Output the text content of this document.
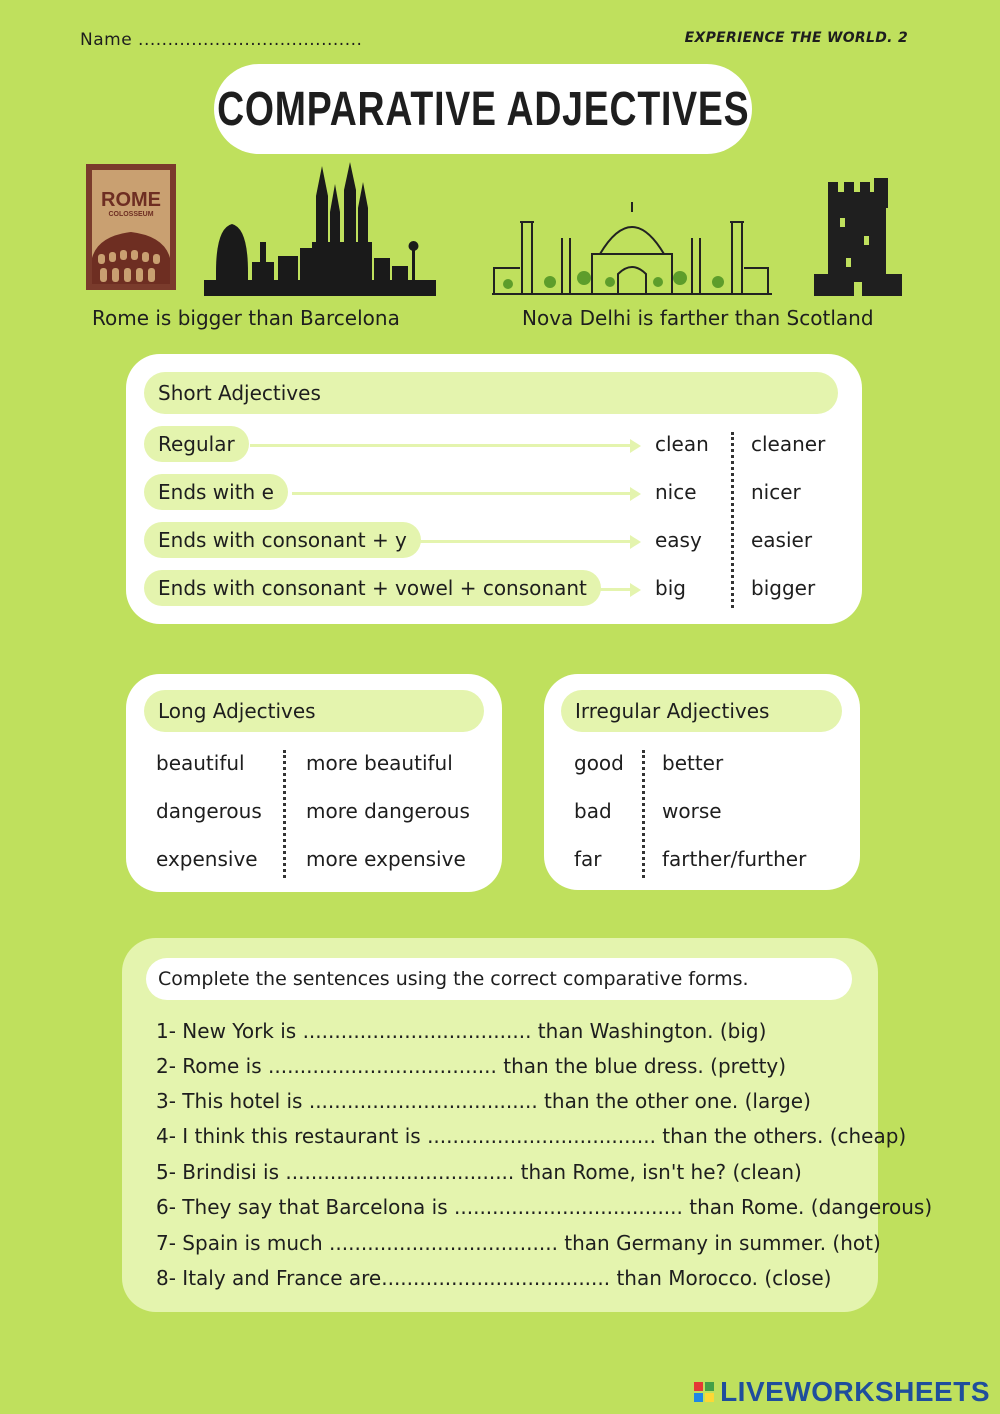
Name ......................................	EXPERIENCE THE WORLD. 2
COMPARATIVE ADJECTIVES
ROME
COLOSSEUM
Rome is bigger than Barcelona	Nova Delhi is farther than Scotland
Short Adjectives
Regular	clean cleaner
Ends with e	nice	nicer
Ends with consonant + y	easy easier
Ends with consonant + vowel + consonant	big	bigger
Long Adjectives
beautiful	more beautiful
dangerous more dangerous
expensive more expensive
Irregular Adjectives
good better
bad	worse
far	farther/further
Complete the sentences using the correct comparative forms.
1- New York is .................................... than Washington. (big)
2- Rome is .................................... than the blue dress. (pretty)
3- This hotel is .................................... than the other one. (large)
4- I think this restaurant is .................................... than the others. (cheap)
5- Brindisi is .................................... than Rome, isn't he? (clean)
6- They say that Barcelona is .................................... than Rome. (dangerous)
7- Spain is much .................................... than Germany in summer. (hot)
8- Italy and France are.................................... than Morocco. (close)
LIVEWORKSHEETS
